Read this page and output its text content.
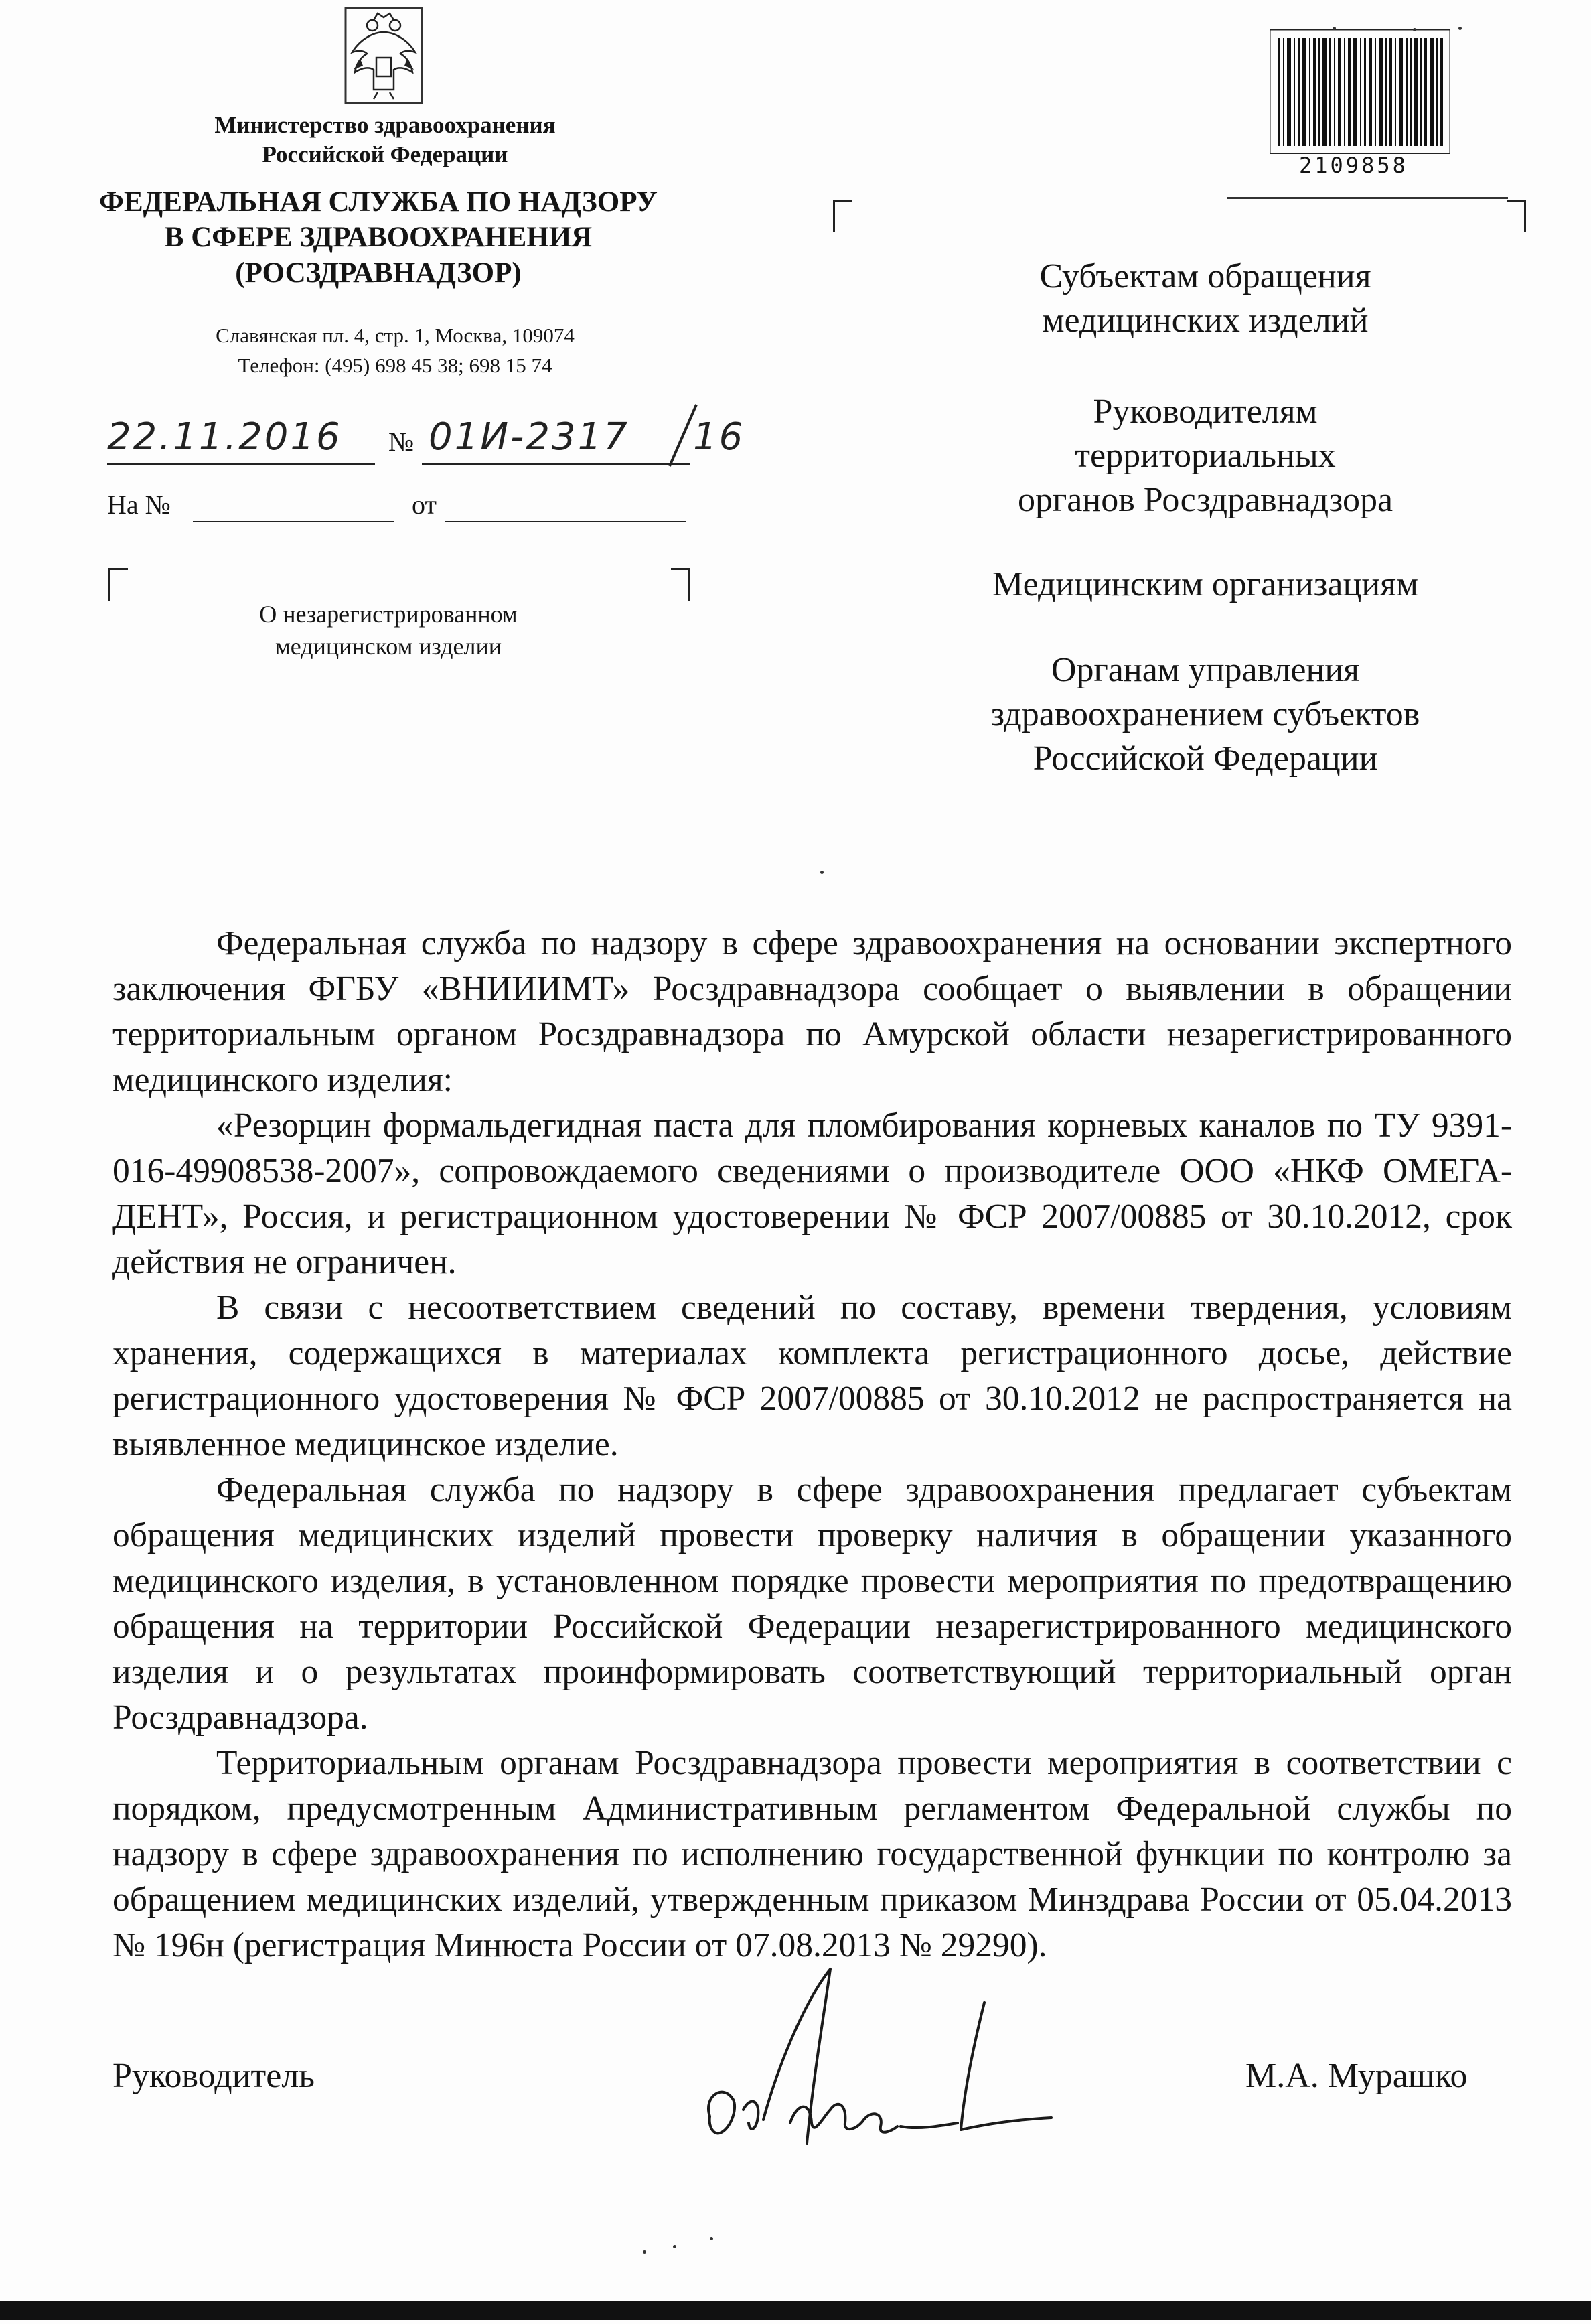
Министерство здравоохранения
Российской Федерации
ФЕДЕРАЛЬНАЯ СЛУЖБА ПО НАДЗОРУ
В СФЕРЕ ЗДРАВООХРАНЕНИЯ
(РОСЗДРАВНАДЗОР)
Славянская пл. 4, стр. 1, Москва, 109074
Телефон: (495) 698 45 38; 698 15 74
22.11.2016 № 01И-2317 16
На №	от
О незарегистрированном
медицинском изделии
2109858

Субъектам обращения

медицинских изделий

Руководителям

территориальных

органов Росздравнадзора

Медицинским организациям

Органам управления

здравоохранением субъектов

Российской Федерации

Федеральная служба по надзору в сфере здравоохранения на основании экспертного заключения ФГБУ «ВНИИИМТ» Росздравнадзора сообщает о выявлении в обращении территориальным органом Росздравнадзора по Амурской области незарегистрированного медицинского изделия:

«Резорцин формальдегидная паста для пломбирования корневых каналов по ТУ 9391-016-49908538-2007», сопровождаемого сведениями о производителе ООО «НКФ ОМЕГА-ДЕНТ», Россия, и регистрационном удостоверении № ФСР 2007/00885 от 30.10.2012, срок действия не ограничен.

В связи с несоответствием сведений по составу, времени твердения, условиям хранения, содержащихся в материалах комплекта регистрационного досье, действие регистрационного удостоверения № ФСР 2007/00885 от 30.10.2012 не распространяется на выявленное медицинское изделие.

Федеральная служба по надзору в сфере здравоохранения предлагает субъектам обращения медицинских изделий провести проверку наличия в обращении указанного медицинского изделия, в установленном порядке провести мероприятия по предотвращению обращения на территории Российской Федерации незарегистрированного медицинского изделия и о результатах проинформировать соответствующий территориальный орган Росздравнадзора.

Территориальным органам Росздравнадзора провести мероприятия в соответствии с порядком, предусмотренным Административным регламентом Федеральной службы по надзору в сфере здравоохранения по исполнению государственной функции по контролю за обращением медицинских изделий, утвержденным приказом Минздрава России от 05.04.2013 № 196н (регистрация Минюста России от 07.08.2013 № 29290).

Руководитель	М.А. Мурашко
